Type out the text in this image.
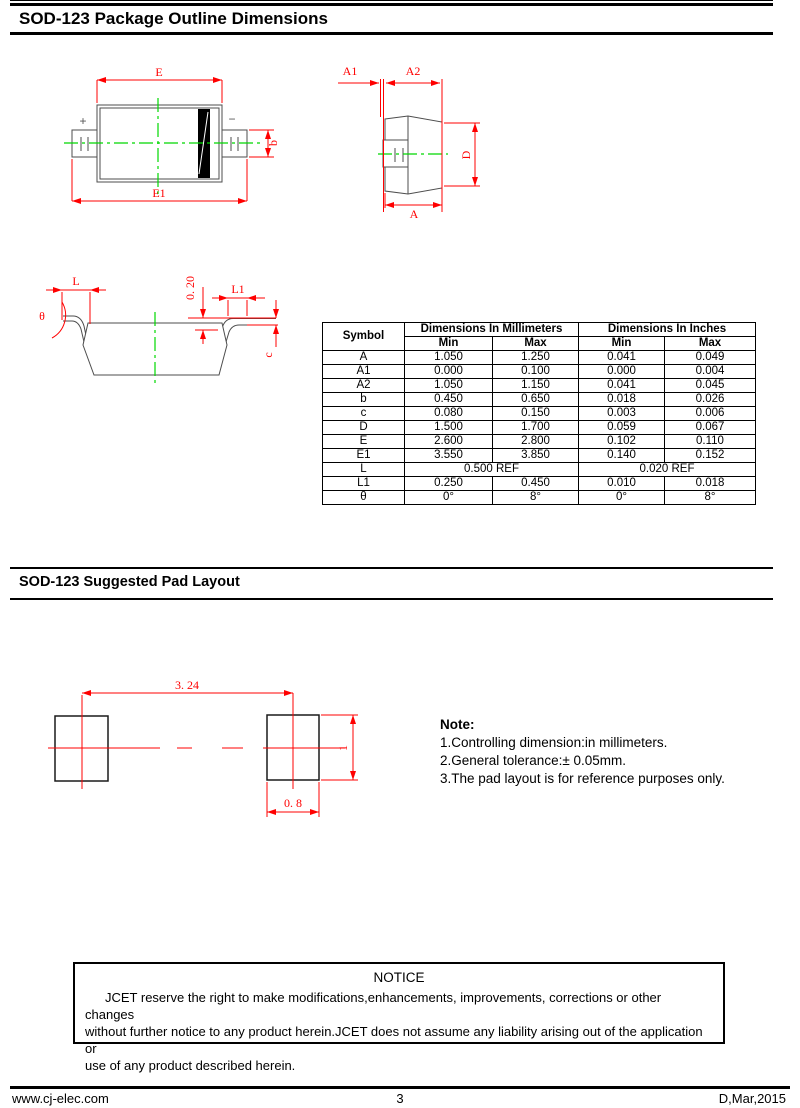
SOD-123 Package Outline Dimensions
+	−
E
E1
b
A1	A2
D
A
L
θ
0. 20	L1
c
Symbol	Dimensions In Millimeters		Dimensions In Inches	
	Min	Max	Min	Max
A	1.050	1.250	0.041	0.049
A1	0.000	0.100	0.000	0.004
A2	1.050	1.150	0.041	0.045
b	0.450	0.650	0.018	0.026
c	0.080	0.150	0.003	0.006
D	1.500	1.700	0.059	0.067
E	2.600	2.800	0.102	0.110
E1	3.550	3.850	0.140	0.152
L	0.500 REF		0.020 REF	
L1	0.250	0.450	0.010	0.018
θ	0°	8°	0°	8°
SOD-123 Suggested Pad Layout
3. 24
0. 8
1
Note:
1.Controlling dimension:in millimeters.
2.General tolerance:± 0.05mm.
3.The pad layout is for reference purposes only.
NOTICE
JCET reserve the right to make modifications,enhancements, improvements, corrections or other changes
without further notice to any product herein.JCET does not assume any liability arising out of the application or
use of any product described herein.
www.cj-elec.com	3	D,Mar,2015
